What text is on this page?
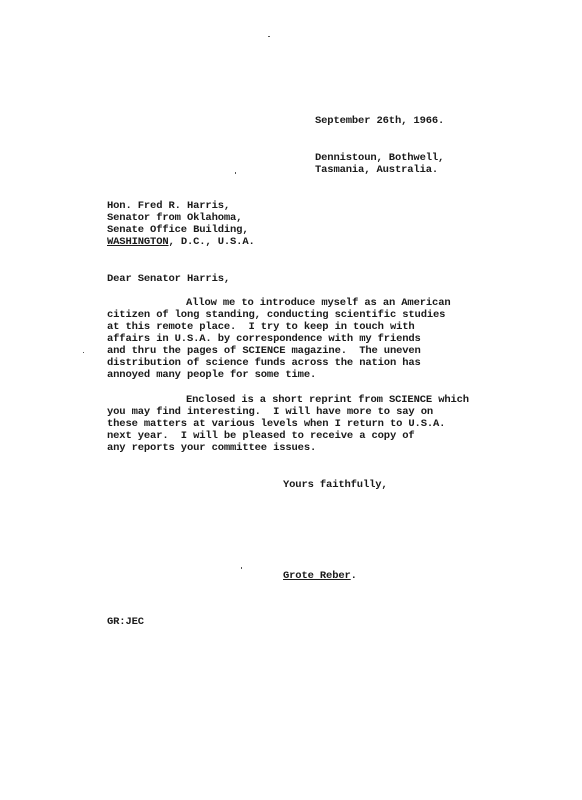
September 26th, 1966.
Dennistoun, Bothwell,
Tasmania, Australia.
Hon. Fred R. Harris,
Senator from Oklahoma,
Senate Office Building,
WASHINGTON, D.C., U.S.A.
Dear Senator Harris,
Allow me to introduce myself as an American
citizen of long standing, conducting scientific studies
at this remote place.  I try to keep in touch with
affairs in U.S.A. by correspondence with my friends
and thru the pages of SCIENCE magazine.  The uneven
distribution of science funds across the nation has
annoyed many people for some time.
Enclosed is a short reprint from SCIENCE which
you may find interesting.  I will have more to say on
these matters at various levels when I return to U.S.A.
next year.  I will be pleased to receive a copy of
any reports your committee issues.
Yours faithfully,
Grote Reber.
GR:JEC
